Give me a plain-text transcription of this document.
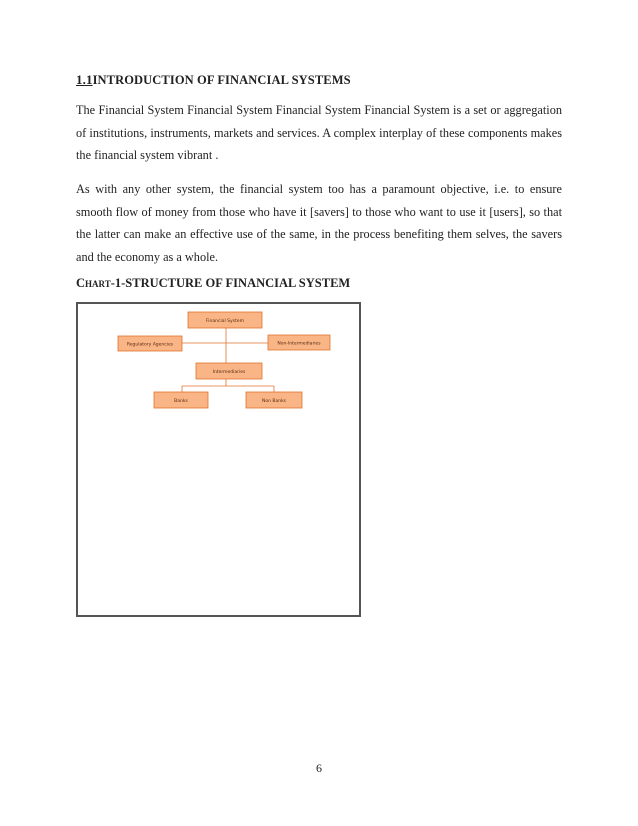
1.1INTRODUCTION OF FINANCIAL SYSTEMS

The Financial System Financial System Financial System Financial System is a set or aggregation of institutions, instruments, markets and services. A complex interplay of these components makes the financial system vibrant .

As with any other system, the financial system too has a paramount objective, i.e. to ensure smooth flow of money from those who have it [savers] to those who want to use it [users], so that the latter can make an effective use of the same, in the process benefiting them selves, the savers and the economy as a whole.

Chart-1-STRUCTURE OF FINANCIAL SYSTEM
Financial System
Regulatory Agencies	Non-Intermediaries
Intermediaries
Banks	Non Banks
6
